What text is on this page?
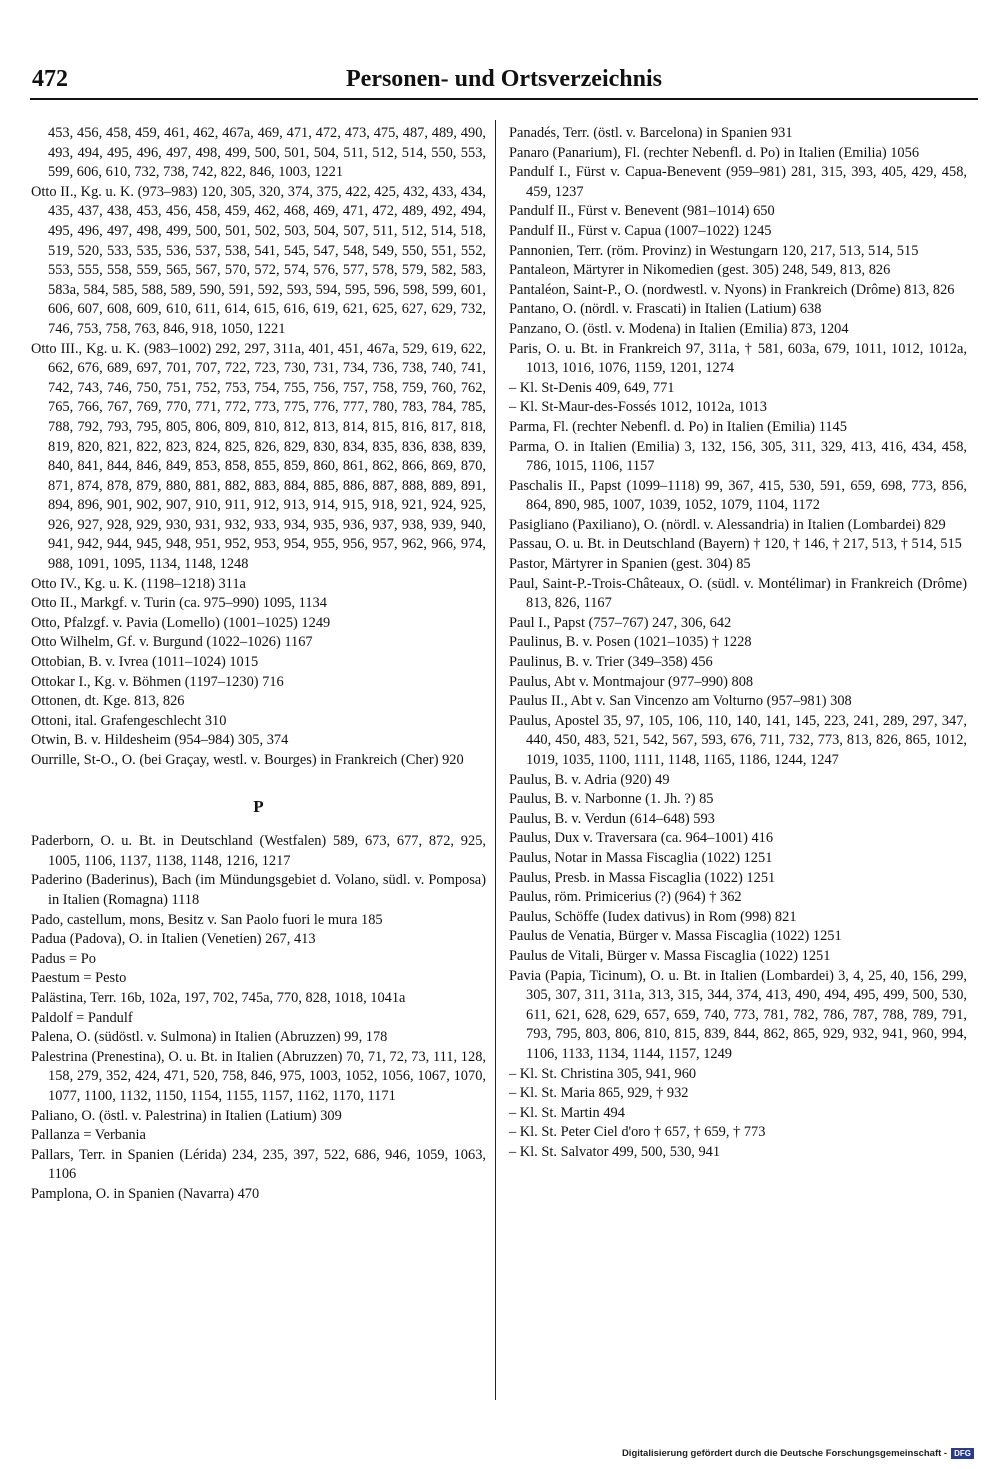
472	Personen- und Ortsverzeichnis

453, 456, 458, 459, 461, 462, 467a, 469, 471, 472, 473, 475, 487, 489, 490, 493, 494, 495, 496, 497, 498, 499, 500, 501, 504, 511, 512, 514, 550, 553, 599, 606, 610, 732, 738, 742, 822, 846, 1003, 1221

Otto II., Kg. u. K. (973–983) 120, 305, 320, 374, 375, 422, 425, 432, 433, 434, 435, 437, 438, 453, 456, 458, 459, 462, 468, 469, 471, 472, 489, 492, 494, 495, 496, 497, 498, 499, 500, 501, 502, 503, 504, 507, 511, 512, 514, 518, 519, 520, 533, 535, 536, 537, 538, 541, 545, 547, 548, 549, 550, 551, 552, 553, 555, 558, 559, 565, 567, 570, 572, 574, 576, 577, 578, 579, 582, 583, 583a, 584, 585, 588, 589, 590, 591, 592, 593, 594, 595, 596, 598, 599, 601, 606, 607, 608, 609, 610, 611, 614, 615, 616, 619, 621, 625, 627, 629, 732, 746, 753, 758, 763, 846, 918, 1050, 1221

Otto III., Kg. u. K. (983–1002) 292, 297, 311a, 401, 451, 467a, 529, 619, 622, 662, 676, 689, 697, 701, 707, 722, 723, 730, 731, 734, 736, 738, 740, 741, 742, 743, 746, 750, 751, 752, 753, 754, 755, 756, 757, 758, 759, 760, 762, 765, 766, 767, 769, 770, 771, 772, 773, 775, 776, 777, 780, 783, 784, 785, 788, 792, 793, 795, 805, 806, 809, 810, 812, 813, 814, 815, 816, 817, 818, 819, 820, 821, 822, 823, 824, 825, 826, 829, 830, 834, 835, 836, 838, 839, 840, 841, 844, 846, 849, 853, 858, 855, 859, 860, 861, 862, 866, 869, 870, 871, 874, 878, 879, 880, 881, 882, 883, 884, 885, 886, 887, 888, 889, 891, 894, 896, 901, 902, 907, 910, 911, 912, 913, 914, 915, 918, 921, 924, 925, 926, 927, 928, 929, 930, 931, 932, 933, 934, 935, 936, 937, 938, 939, 940, 941, 942, 944, 945, 948, 951, 952, 953, 954, 955, 956, 957, 962, 966, 974, 988, 1091, 1095, 1134, 1148, 1248

Otto IV., Kg. u. K. (1198–1218) 311a

Otto II., Markgf. v. Turin (ca. 975–990) 1095, 1134

Otto, Pfalzgf. v. Pavia (Lomello) (1001–1025) 1249

Otto Wilhelm, Gf. v. Burgund (1022–1026) 1167

Ottobian, B. v. Ivrea (1011–1024) 1015

Ottokar I., Kg. v. Böhmen (1197–1230) 716

Ottonen, dt. Kge. 813, 826

Ottoni, ital. Grafengeschlecht 310

Otwin, B. v. Hildesheim (954–984) 305, 374

Ourrille, St-O., O. (bei Graçay, westl. v. Bourges) in Frankreich (Cher) 920

P

Paderborn, O. u. Bt. in Deutschland (Westfalen) 589, 673, 677, 872, 925, 1005, 1106, 1137, 1138, 1148, 1216, 1217

Paderino (Baderinus), Bach (im Mündungsgebiet d. Volano, südl. v. Pomposa) in Italien (Romagna) 1118

Pado, castellum, mons, Besitz v. San Paolo fuori le mura 185

Padua (Padova), O. in Italien (Venetien) 267, 413

Padus = Po

Paestum = Pesto

Palästina, Terr. 16b, 102a, 197, 702, 745a, 770, 828, 1018, 1041a

Paldolf = Pandulf

Palena, O. (südöstl. v. Sulmona) in Italien (Abruzzen) 99, 178

Palestrina (Prenestina), O. u. Bt. in Italien (Abruzzen) 70, 71, 72, 73, 111, 128, 158, 279, 352, 424, 471, 520, 758, 846, 975, 1003, 1052, 1056, 1067, 1070, 1077, 1100, 1132, 1150, 1154, 1155, 1157, 1162, 1170, 1171

Paliano, O. (östl. v. Palestrina) in Italien (Latium) 309

Pallanza = Verbania

Pallars, Terr. in Spanien (Lérida) 234, 235, 397, 522, 686, 946, 1059, 1063, 1106

Pamplona, O. in Spanien (Navarra) 470

Panadés, Terr. (östl. v. Barcelona) in Spanien 931

Panaro (Panarium), Fl. (rechter Nebenfl. d. Po) in Italien (Emilia) 1056

Pandulf I., Fürst v. Capua-Benevent (959–981) 281, 315, 393, 405, 429, 458, 459, 1237

Pandulf II., Fürst v. Benevent (981–1014) 650

Pandulf II., Fürst v. Capua (1007–1022) 1245

Pannonien, Terr. (röm. Provinz) in Westungarn 120, 217, 513, 514, 515

Pantaleon, Märtyrer in Nikomedien (gest. 305) 248, 549, 813, 826

Pantaléon, Saint-P., O. (nordwestl. v. Nyons) in Frankreich (Drôme) 813, 826

Pantano, O. (nördl. v. Frascati) in Italien (Latium) 638

Panzano, O. (östl. v. Modena) in Italien (Emilia) 873, 1204

Paris, O. u. Bt. in Frankreich 97, 311a, † 581, 603a, 679, 1011, 1012, 1012a, 1013, 1016, 1076, 1159, 1201, 1274

– Kl. St-Denis 409, 649, 771

– Kl. St-Maur-des-Fossés 1012, 1012a, 1013

Parma, Fl. (rechter Nebenfl. d. Po) in Italien (Emilia) 1145

Parma, O. in Italien (Emilia) 3, 132, 156, 305, 311, 329, 413, 416, 434, 458, 786, 1015, 1106, 1157

Paschalis II., Papst (1099–1118) 99, 367, 415, 530, 591, 659, 698, 773, 856, 864, 890, 985, 1007, 1039, 1052, 1079, 1104, 1172

Pasigliano (Paxiliano), O. (nördl. v. Alessandria) in Italien (Lombardei) 829

Passau, O. u. Bt. in Deutschland (Bayern) † 120, † 146, † 217, 513, † 514, 515

Pastor, Märtyrer in Spanien (gest. 304) 85

Paul, Saint-P.-Trois-Châteaux, O. (südl. v. Montélimar) in Frankreich (Drôme) 813, 826, 1167

Paul I., Papst (757–767) 247, 306, 642

Paulinus, B. v. Posen (1021–1035) † 1228

Paulinus, B. v. Trier (349–358) 456

Paulus, Abt v. Montmajour (977–990) 808

Paulus II., Abt v. San Vincenzo am Volturno (957–981) 308

Paulus, Apostel 35, 97, 105, 106, 110, 140, 141, 145, 223, 241, 289, 297, 347, 440, 450, 483, 521, 542, 567, 593, 676, 711, 732, 773, 813, 826, 865, 1012, 1019, 1035, 1100, 1111, 1148, 1165, 1186, 1244, 1247

Paulus, B. v. Adria (920) 49

Paulus, B. v. Narbonne (1. Jh. ?) 85

Paulus, B. v. Verdun (614–648) 593

Paulus, Dux v. Traversara (ca. 964–1001) 416

Paulus, Notar in Massa Fiscaglia (1022) 1251

Paulus, Presb. in Massa Fiscaglia (1022) 1251

Paulus, röm. Primicerius (?) (964) † 362

Paulus, Schöffe (Iudex dativus) in Rom (998) 821

Paulus de Venatia, Bürger v. Massa Fiscaglia (1022) 1251

Paulus de Vitali, Bürger v. Massa Fiscaglia (1022) 1251

Pavia (Papia, Ticinum), O. u. Bt. in Italien (Lombardei) 3, 4, 25, 40, 156, 299, 305, 307, 311, 311a, 313, 315, 344, 374, 413, 490, 494, 495, 499, 500, 530, 611, 621, 628, 629, 657, 659, 740, 773, 781, 782, 786, 787, 788, 789, 791, 793, 795, 803, 806, 810, 815, 839, 844, 862, 865, 929, 932, 941, 960, 994, 1106, 1133, 1134, 1144, 1157, 1249

– Kl. St. Christina 305, 941, 960

– Kl. St. Maria 865, 929, † 932

– Kl. St. Martin 494

– Kl. St. Peter Ciel d'oro † 657, † 659, † 773

– Kl. St. Salvator 499, 500, 530, 941

Digitalisierung gefördert durch die Deutsche Forschungsgemeinschaft - DFG
